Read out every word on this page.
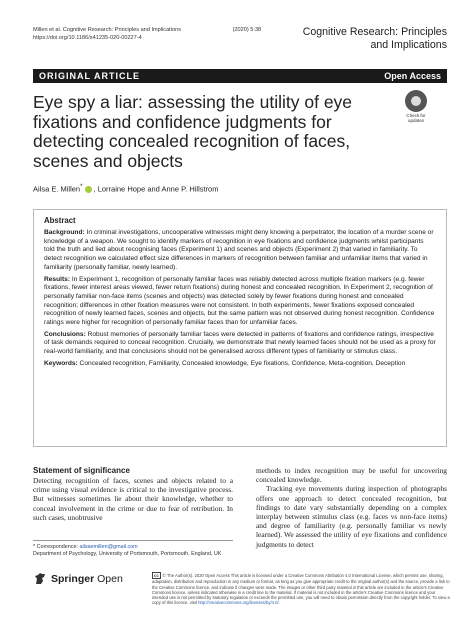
Millen et al. Cognitive Research: Principles and Implications	(2020) 5:38
https://doi.org/10.1186/s41235-020-00227-4	Cognitive Research: Principles
and Implications
ORIGINAL ARTICLE	Open Access
Eye spy a liar: assessing the utility of eye fixations and confidence judgments for detecting concealed recognition of faces, scenes and objects
Check for
updates
Ailsa E. Millen* , Lorraine Hope and Anne P. Hillstrom
Abstract

Background: In criminal investigations, uncooperative witnesses might deny knowing a perpetrator, the location of a murder scene or knowledge of a weapon. We sought to identify markers of recognition in eye fixations and confidence judgments whilst participants told the truth and lied about recognising faces (Experiment 1) and scenes and objects (Experiment 2) that varied in familiarity. To detect recognition we calculated effect size differences in markers of recognition between familiar and unfamiliar items that varied in familiarity (personally familiar, newly learned).

Results: In Experiment 1, recognition of personally familiar faces was reliably detected across multiple fixation markers (e.g. fewer fixations, fewer interest areas viewed, fewer return fixations) during honest and concealed recognition. In Experiment 2, recognition of personally familiar non-face items (scenes and objects) was detected solely by fewer fixations during honest and concealed recognition; differences in other fixation measures were not consistent. In both experiments, fewer fixations exposed concealed recognition of newly learned faces, scenes and objects, but the same pattern was not observed during honest recognition. Confidence ratings were higher for recognition of personally familiar faces than for unfamiliar faces.

Conclusions: Robust memories of personally familiar faces were detected in patterns of fixations and confidence ratings, irrespective of task demands required to conceal recognition. Crucially, we demonstrate that newly learned faces should not be used as a proxy for real-world familiarity, and that conclusions should not be generalised across different types of familiarity or stimulus class.

Keywords: Concealed recognition, Familiarity, Concealed knowledge, Eye fixations, Confidence, Meta-cognition, Deception

Statement of significance
Detecting recognition of faces, scenes and objects related to a crime using visual evidence is critical to the investigative process. But witnesses sometimes lie about their knowledge, whether to conceal involvement in the crime or due to fear of retribution. In such cases, unobtrusive
methods to index recognition may be useful for uncovering concealed knowledge.
Tracking eye movements during inspection of photographs offers one approach to detect concealed recognition, but findings to date vary substantially depending on a complex interplay between stimulus class (e.g. faces vs non-face items) and degree of familiarity (e.g. personally familiar vs newly learned). We assessed the utility of eye fixations and confidence judgments to detect
* Correspondence: ailsaemillen@gmail.com
Department of Psychology, University of Portsmouth, Portsmouth, England, UK
Springer Open	cc © The Author(s). 2020 Open Access This article is licensed under a Creative Commons Attribution 4.0 International License, which permits use, sharing, adaptation, distribution and reproduction in any medium or format, as long as you give appropriate credit to the original author(s) and the source, provide a link to the Creative Commons licence, and indicate if changes were made. The images or other third party material in this article are included in the article's Creative Commons licence, unless indicated otherwise in a credit line to the material. If material is not included in the article's Creative Commons licence and your intended use is not permitted by statutory regulation or exceeds the permitted use, you will need to obtain permission directly from the copyright holder. To view a copy of this licence, visit http://creativecommons.org/licenses/by/4.0/.
